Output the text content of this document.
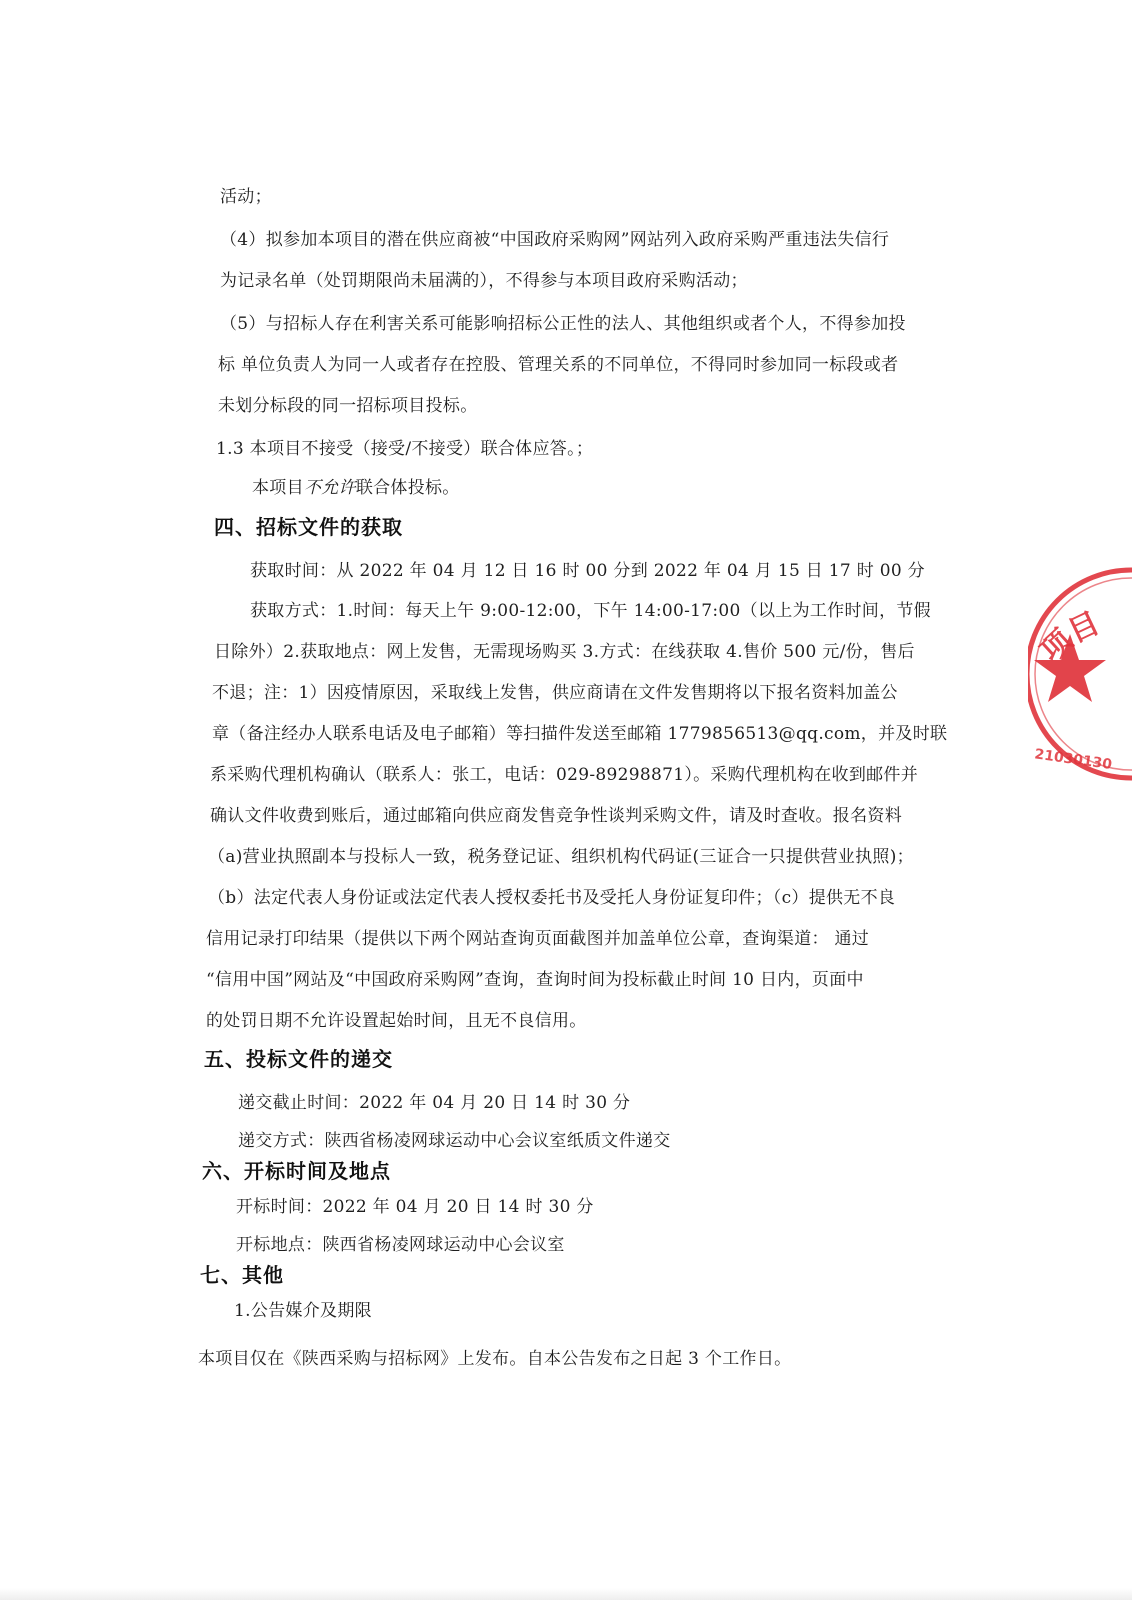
活动；
（4）拟参加本项目的潜在供应商被“中国政府采购网”网站列入政府采购严重违法失信行
为记录名单（处罚期限尚未届满的），不得参与本项目政府采购活动；
（5）与招标人存在利害关系可能影响招标公正性的法人、其他组织或者个人，不得参加投
标 单位负责人为同一人或者存在控股、管理关系的不同单位，不得同时参加同一标段或者
未划分标段的同一招标项目投标。
1.3 本项目不接受（接受/不接受）联合体应答。；
本项目不允许联合体投标。
四、招标文件的获取
获取时间：从 2022 年 04 月 12 日 16 时 00 分到 2022 年 04 月 15 日 17 时 00 分
获取方式：1.时间：每天上午 9:00-12:00，下午 14:00-17:00（以上为工作时间，节假
日除外）2.获取地点：网上发售，无需现场购买 3.方式：在线获取 4.售价 500 元/份，售后
不退；注：1）因疫情原因，采取线上发售，供应商请在文件发售期将以下报名资料加盖公
章（备注经办人联系电话及电子邮箱）等扫描件发送至邮箱 1779856513@qq.com，并及时联
系采购代理机构确认（联系人：张工，电话：029-89298871）。采购代理机构在收到邮件并
确认文件收费到账后，通过邮箱向供应商发售竞争性谈判采购文件，请及时查收。报名资料
（a)营业执照副本与投标人一致，税务登记证、组织机构代码证(三证合一只提供营业执照)；
（b）法定代表人身份证或法定代表人授权委托书及受托人身份证复印件；（c）提供无不良
信用记录打印结果（提供以下两个网站查询页面截图并加盖单位公章，查询渠道： 通过
“信用中国”网站及“中国政府采购网”查询，查询时间为投标截止时间 10 日内，页面中
的处罚日期不允许设置起始时间，且无不良信用。
五、投标文件的递交
递交截止时间：2022 年 04 月 20 日 14 时 30 分
递交方式：陕西省杨凌网球运动中心会议室纸质文件递交
六、开标时间及地点
开标时间：2022 年 04 月 20 日 14 时 30 分
开标地点：陕西省杨凌网球运动中心会议室
七、其他
1.公告媒介及期限
本项目仅在《陕西采购与招标网》上发布。自本公告发布之日起 3 个工作日。
项目
21030130
